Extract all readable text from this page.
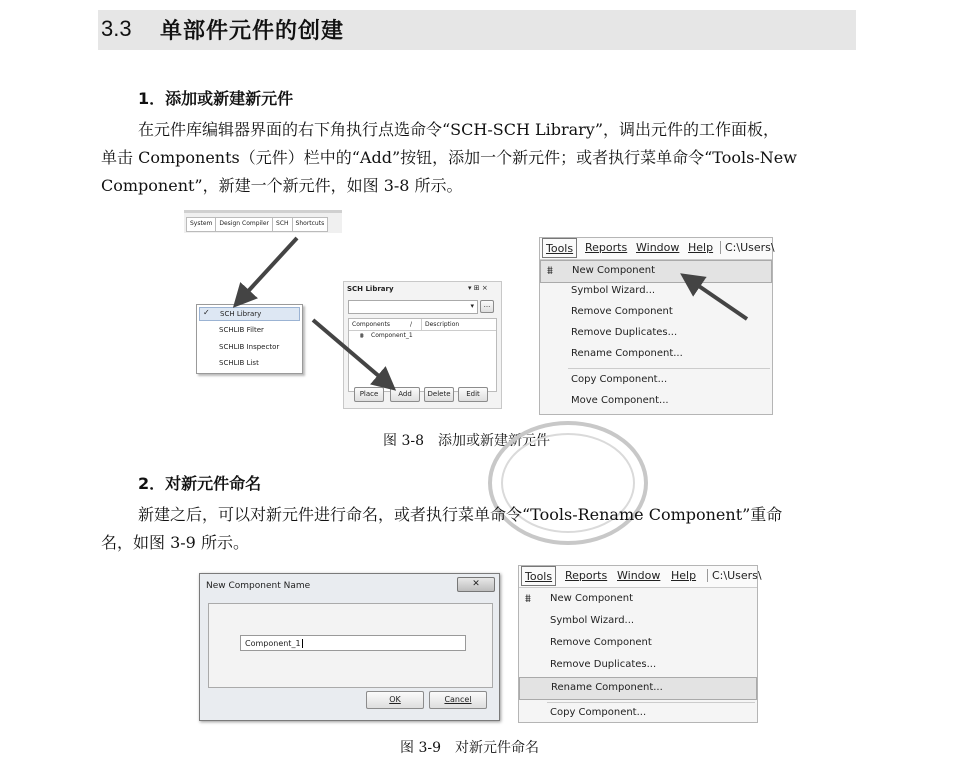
3.3 单部件元件的创建
1．添加或新建新元件
在元件库编辑器界面的右下角执行点选命令“SCH-SCH Library”，调出元件的工作面板，
单击 Components（元件）栏中的“Add”按钮，添加一个新元件；或者执行菜单命令“Tools-New
Component”，新建一个新元件，如图 3-8 所示。
System	Design Compiler	SCH	Shortcuts
✓ SCH Library
SCHLIB Filter
SCHLIB Inspector
SCHLIB List
SCH Library	▾ ⊞ ×
▾	...
Components	/ Description
⩩ Component_1
Place	Add	Delete	Edit
Tools	Reports Window Help	C:\Users\
⩩ New Component
Symbol Wizard...
Remove Component
Remove Duplicates...
Rename Component...
Copy Component...
Move Component...
图 3-8　添加或新建新元件
2．对新元件命名
新建之后，可以对新元件进行命名，或者执行菜单命令“Tools-Rename Component”重命
名，如图 3-9 所示。
New Component Name	✕
Component_1
OK	Cancel
Tools	Reports Window Help	C:\Users\
⩩ New Component
Symbol Wizard...
Remove Component
Remove Duplicates...
Rename Component...
Copy Component...
图 3-9　对新元件命名
